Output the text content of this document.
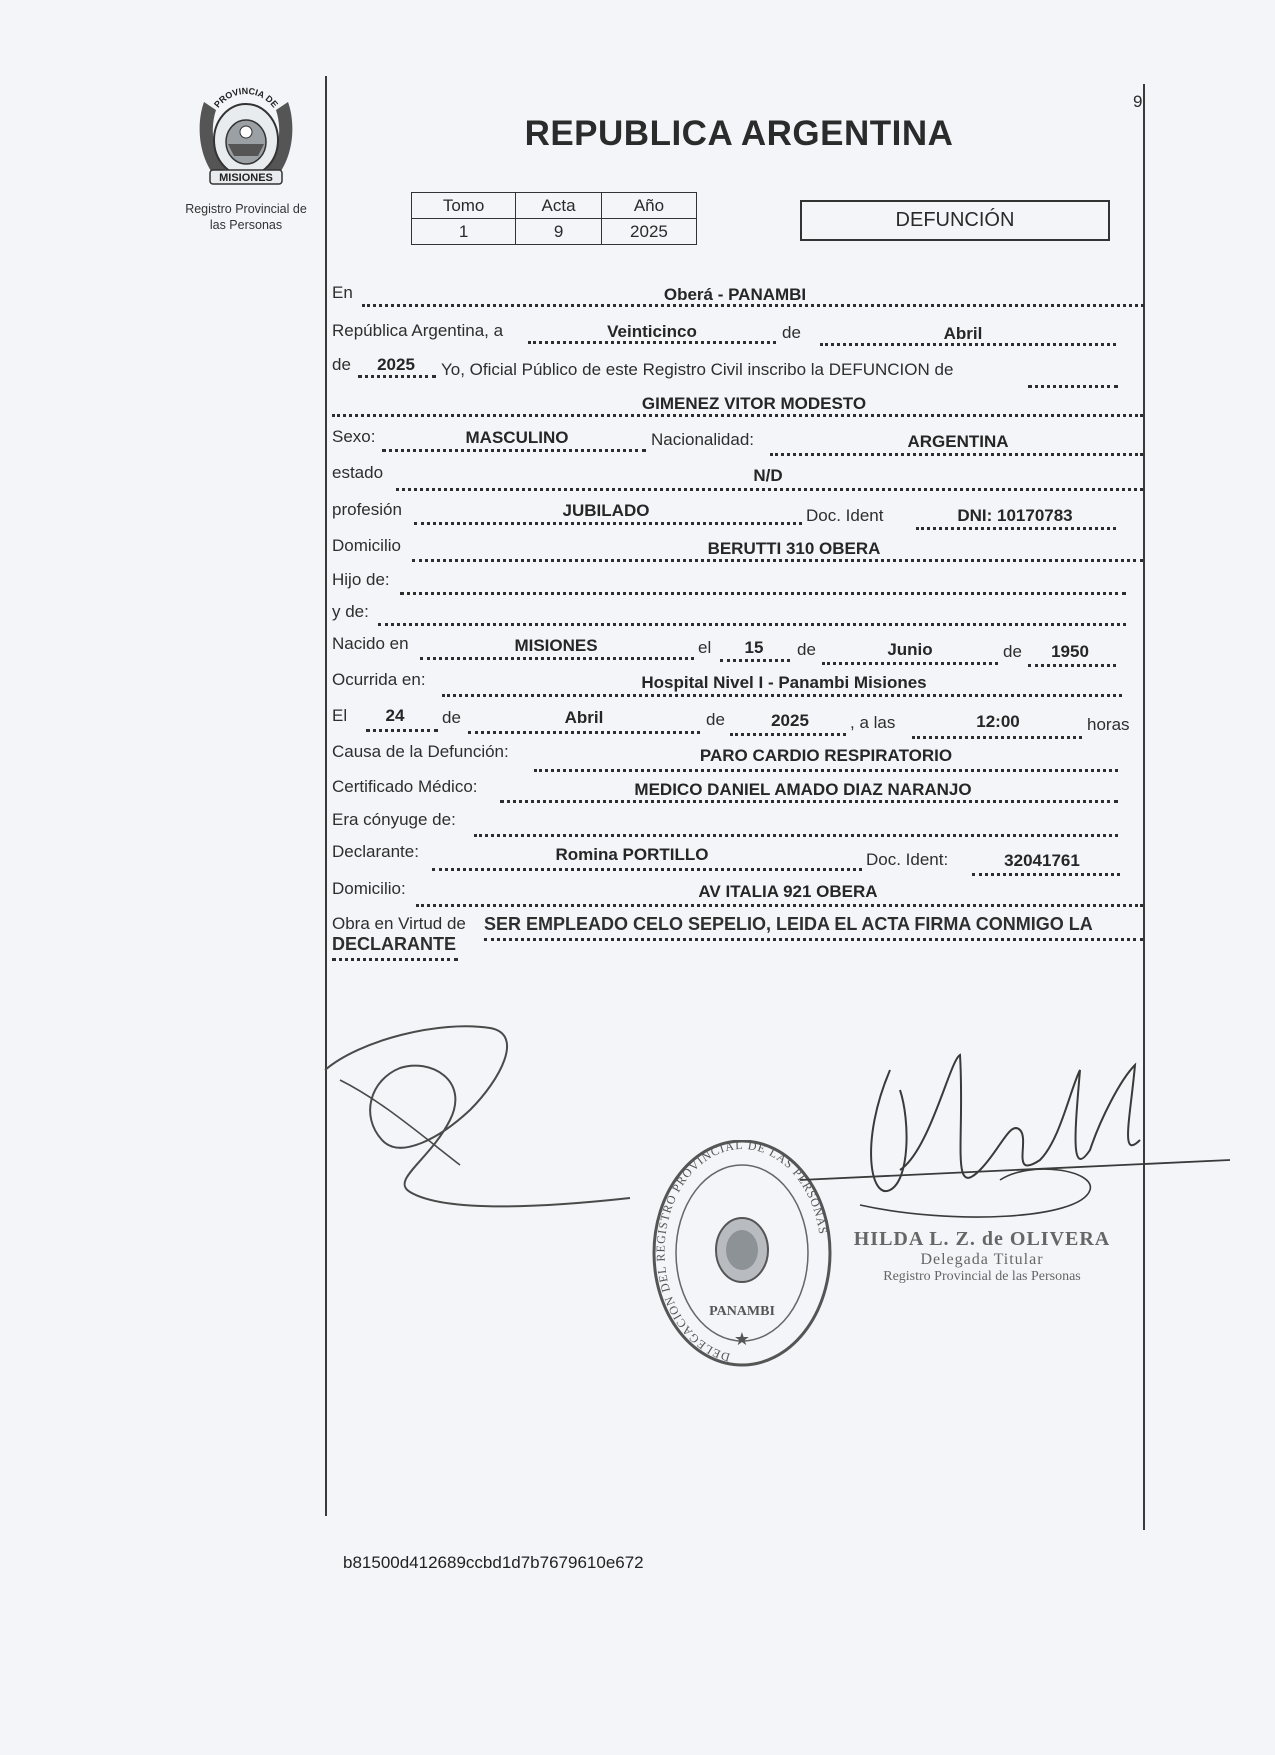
PROVINCIA DE
MISIONES
Registro Provincial de
las Personas
9
REPUBLICA ARGENTINA
Tomo	Acta	Año
1	9	2025	DEFUNCIÓN
En	Oberá - PANAMBI
República Argentina, a	Veinticinco	de	Abril
de 2025 Yo, Oficial Público de este Registro Civil inscribo la DEFUNCION de
GIMENEZ VITOR MODESTO
Sexo:	MASCULINO	Nacionalidad:	ARGENTINA
estado	N/D
profesión	JUBILADO	Doc. Ident	DNI: 10170783
Domicilio	BERUTTI 310 OBERA
Hijo de:
y de:
Nacido en	MISIONES	el 15 de	Junio	de 1950
Ocurrida en:	Hospital Nivel I - Panambi Misiones
El 24 de	Abril	de	2025 , a las	12:00	horas
Causa de la Defunción:	PARO CARDIO RESPIRATORIO
Certificado Médico:	MEDICO DANIEL AMADO DIAZ NARANJO
Era cónyuge de:
Declarante:	Romina PORTILLO	Doc. Ident:	32041761
Domicilio:	AV ITALIA 921 OBERA
Obra en Virtud de SER EMPLEADO CELO SEPELIO, LEIDA EL ACTA FIRMA CONMIGO LA
DECLARANTE
DELEGACION DEL REGISTRO PROVINCIAL DE LAS PERSONAS
PANAMBI
★
HILDA L. Z. de OLIVERA
Delegada Titular
Registro Provincial de las Personas
b81500d412689ccbd1d7b7679610e672
